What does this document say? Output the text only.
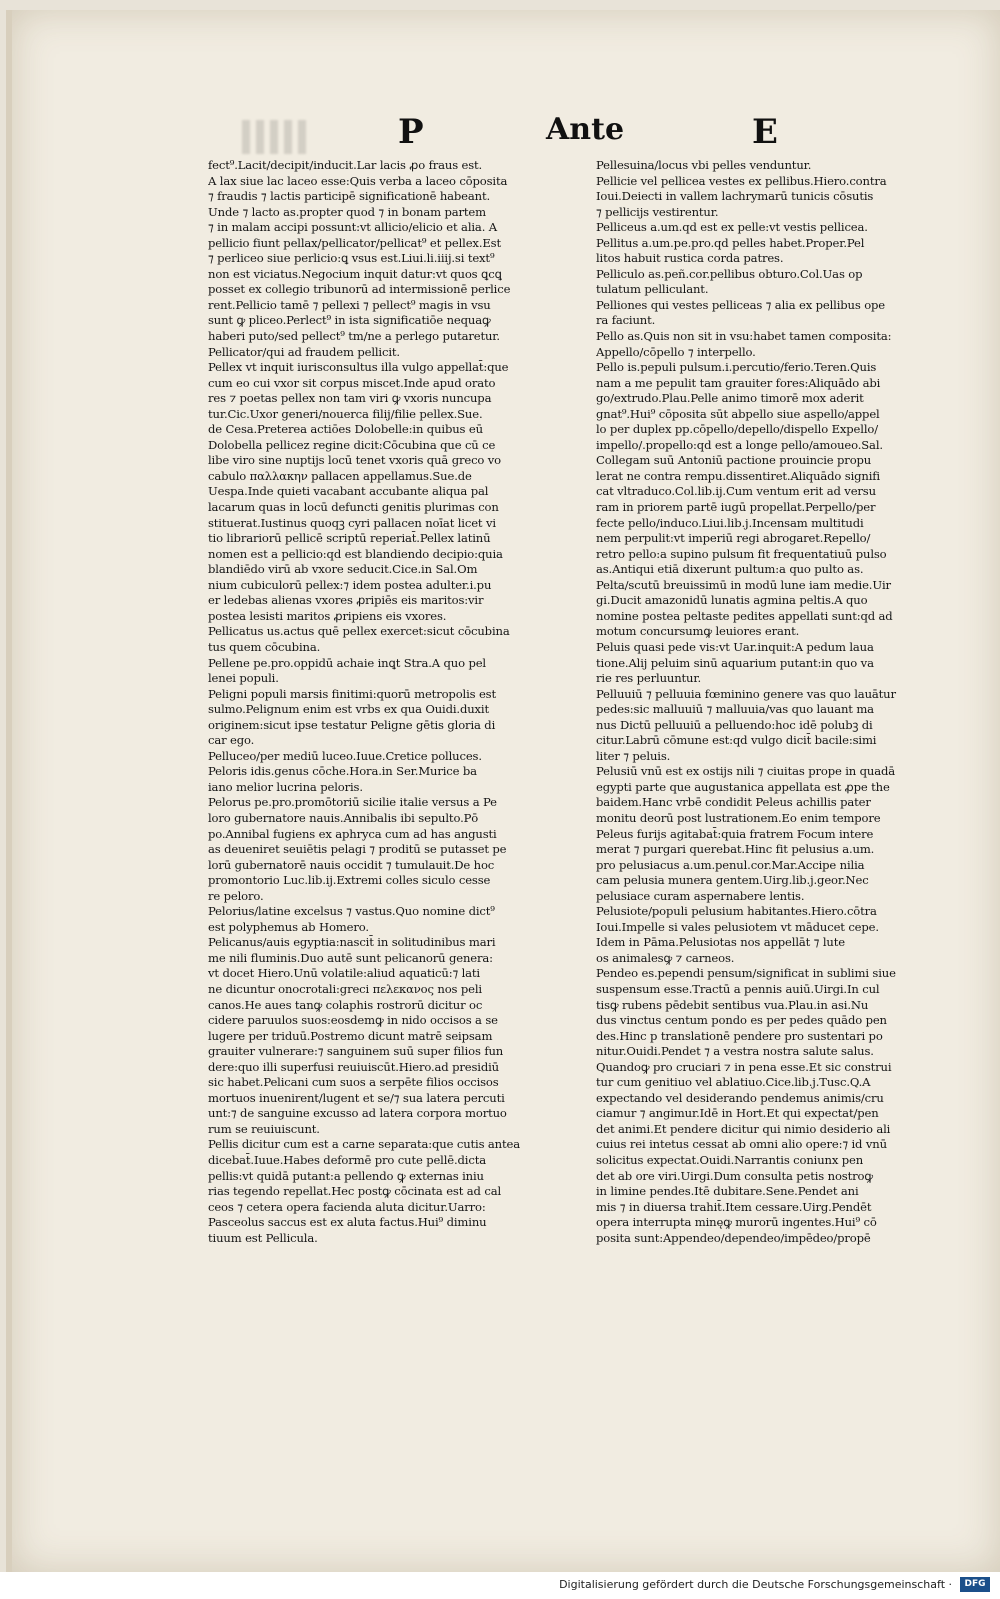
P	Ante	E
fect⁹.Lacit/decipit/inducit.Lar lacis ꝓo fraus est.
A lax siue lac laceo esse:Quis verba a laceo cōposita
⁊ fraudis ⁊ lactis participē significationē habeant.
Unde ⁊ lacto as.propter quod ⁊ in bonam partem
⁊ in malam accipi possunt:vt allicio/elicio et alia. A
pellicio fiunt pellax/pellicator/pellicat⁹ et pellex.Est
⁊ perliceo siue perlicio:ꝗ vsus est.Liui.li.iiij.si text⁹
non est viciatus.Negocium inquit datur:vt quos ꝗcꝗ
posset ex collegio tribunorū ad intermissionē perlice
rent.Pellicio tamē ⁊ pellexi ⁊ pellect⁹ magis in vsu
sunt ꝙ pliceo.Perlect⁹ in ista significatiōe nequaꝙ
haberi puto/sed pellect⁹ tm/ne a perlego putaretur.
Pellicator/qui ad fraudem pellicit.
Pellex vt inquit iurisconsultus illa vulgo appellat̄:que
cum eo cui vxor sit corpus miscet.Inde apud orato
res ⁊ poetas pellex non tam viri ꝙ vxoris nuncupa
tur.Cic.Uxor generi/nouerca filij/filie pellex.Sue.
de Cesa.Preterea actiōes Dolobelle:in quibus eū
Dolobella pellicez regine dicit:Cōcubina que cū ce
libe viro sine nuptijs locū tenet vxoris quā greco vo
cabulo παλλακην pallacen appellamus.Sue.de
Uespa.Inde quieti vacabant accubante aliqua pal
lacarum quas in locū defuncti genitis plurimas con
stituerat.Iustinus quoqꝫ cyri pallacen noīat licet vi
tio librariorū pellicē scriptū reperiat̄.Pellex latinū
nomen est a pellicio:qd est blandiendo decipio:quia
blandiēdo virū ab vxore seducit.Cice.in Sal.Om
nium cubiculorū pellex:⁊ idem postea adulter.i.pu
er ledebas alienas vxores ꝓripiēs eis maritos:vir
postea lesisti maritos ꝓripiens eis vxores.
Pellicatus us.actus quē pellex exercet:sicut cōcubina
tus quem cōcubina.
Pellene pe.pro.oppidū achaie inꝗt Stra.A quo pel
lenei populi.
Peligni populi marsis finitimi:quorū metropolis est
sulmo.Pelignum enim est vrbs ex qua Ouidi.duxit
originem:sicut ipse testatur Peligne gētis gloria di
car ego.
Pelluceo/per mediū luceo.Iuue.Cretice polluces.
Peloris idis.genus cōche.Hora.in Ser.Murice ba
iano melior lucrina peloris.
Pelorus pe.pro.promōtoriū sicilie italie versus a Pe
loro gubernatore nauis.Annibalis ibi sepulto.Pō
po.Annibal fugiens ex aphryca cum ad has angusti
as deueniret seuiētis pelagi ⁊ proditū se putasset pe
lorū gubernatorē nauis occidit ⁊ tumulauit.De hoc
promontorio Luc.lib.ij.Extremi colles siculo cesse
re peloro.
Pelorius/latine excelsus ⁊ vastus.Quo nomine dict⁹
est polyphemus ab Homero.
Pelicanus/auis egyptia:nascit̄ in solitudinibus mari
me nili fluminis.Duo autē sunt pelicanorū genera:
vt docet Hiero.Unū volatile:aliud aquaticū:⁊ lati
ne dicuntur onocrotali:greci πελεκανος nos peli
canos.He aues tanꝙ colaphis rostrorū dicitur oc
cidere paruulos suos:eosdemꝙ in nido occisos a se
lugere per triduū.Postremo dicunt matrē seipsam
grauiter vulnerare:⁊ sanguinem suū super filios fun
dere:quo illi superfusi reuiuiscūt.Hiero.ad presidiū
sic habet.Pelicani cum suos a serpēte filios occisos
mortuos inuenirent/lugent et se/⁊ sua latera percuti
unt:⁊ de sanguine excusso ad latera corpora mortuo
rum se reuiuiscunt.
Pellis dicitur cum est a carne separata:que cutis antea
dicebat̄.Iuue.Habes deformē pro cute pellē.dicta
pellis:vt quidā putant:a pellendo ꝙ externas iniu
rias tegendo repellat.Hec postꝙ cōcinata est ad cal
ceos ⁊ cetera opera facienda aluta dicitur.Uarro:
Pasceolus saccus est ex aluta factus.Hui⁹ diminu
tiuum est Pellicula.
Pellesuina/locus vbi pelles venduntur.
Pellicie vel pellicea vestes ex pellibus.Hiero.contra
Ioui.Deiecti in vallem lachrymarū tunicis cōsutis
⁊ pellicijs vestirentur.
Pelliceus a.um.qd est ex pelle:vt vestis pellicea.
Pellitus a.um.pe.pro.qd pelles habet.Proper.Pel
litos habuit rustica corda patres.
Pelliculo as.peñ.cor.pellibus obturo.Col.Uas op
tulatum pelliculant.
Pelliones qui vestes pelliceas ⁊ alia ex pellibus ope
ra faciunt.
Pello as.Quis non sit in vsu:habet tamen composita:
Appello/cōpello ⁊ interpello.
Pello is.pepuli pulsum.i.percutio/ferio.Teren.Quis
nam a me pepulit tam grauiter fores:Aliquādo abi
go/extrudo.Plau.Pelle animo timorē mox aderit
gnat⁹.Hui⁹ cōposita sūt abpello siue aspello/appel
lo per duplex pp.cōpello/depello/dispello Expello/
impello/.propello:qd est a longe pello/amoueo.Sal.
Collegam suū Antoniū pactione prouincie propu
lerat ne contra rempu.dissentiret.Aliquādo signifi
cat vltraduco.Col.lib.ij.Cum ventum erit ad versu
ram in priorem partē iugū propellat.Perpello/per
fecte pello/induco.Liui.lib.j.Incensam multitudi
nem perpulit:vt imperiū regi abrogaret.Repello/
retro pello:a supino pulsum fit frequentatiuū pulso
as.Antiqui etiā dixerunt pultum:a quo pulto as.
Pelta/scutū breuissimū in modū lune iam medie.Uir
gi.Ducit amazonidū lunatis agmina peltis.A quo
nomine postea peltaste pedites appellati sunt:qd ad
motum concursumꝙ leuiores erant.
Peluis quasi pede vis:vt Uar.inquit:A pedum laua
tione.Alij peluim sinū aquarium putant:in quo va
rie res perluuntur.
Pelluuiū ⁊ pelluuia fœminino genere vas quo lauātur
pedes:sic malluuiū ⁊ malluuia/vas quo lauant ma
nus Dictū pelluuiū a pelluendo:hoc idē polubꝫ di
citur.Labrū cōmune est:qd vulgo dicit̄ bacile:simi
liter ⁊ peluis.
Pelusiū vnū est ex ostijs nili ⁊ ciuitas prope in quadā
egypti parte que augustanica appellata est ꝓpe the
baidem.Hanc vrbē condidit Peleus achillis pater
monitu deorū post lustrationem.Eo enim tempore
Peleus furijs agitabat̄:quia fratrem Focum intere
merat ⁊ purgari querebat.Hinc fit pelusius a.um.
pro pelusiacus a.um.penul.cor.Mar.Accipe nilia
cam pelusia munera gentem.Uirg.lib.j.geor.Nec
pelusiace curam aspernabere lentis.
Pelusiote/populi pelusium habitantes.Hiero.cōtra
Ioui.Impelle si vales pelusiotem vt māducet cepe.
Idem in Pāma.Pelusiotas nos appellāt ⁊ lute
os animalesꝙ ⁊ carneos.
Pendeo es.pependi pensum/significat in sublimi siue
suspensum esse.Tractū a pennis auiū.Uirgi.In cul
tisꝙ rubens pēdebit sentibus vua.Plau.in asi.Nu
dus vinctus centum pondo es per pedes quādo pen
des.Hinc p translationē pendere pro sustentari po
nitur.Ouidi.Pendet ⁊ a vestra nostra salute salus.
Quandoꝙ pro cruciari ⁊ in pena esse.Et sic construi
tur cum genitiuo vel ablatiuo.Cice.lib.j.Tusc.Q.A
expectando vel desiderando pendemus animis/cru
ciamur ⁊ angimur.Idē in Hort.Et qui expectat/pen
det animi.Et pendere dicitur qui nimio desiderio ali
cuius rei intetus cessat ab omni alio opere:⁊ id vnū
solicitus expectat.Ouidi.Narrantis coniunx pen
det ab ore viri.Uirgi.Dum consulta petis nostroꝙ
in limine pendes.Itē dubitare.Sene.Pendet ani
mis ⁊ in diuersa trahit̄.Item cessare.Uirg.Pendēt
opera interrupta minęꝙ murorū ingentes.Hui⁹ cō
posita sunt:Appendeo/dependeo/impēdeo/propē
Digitalisierung gefördert durch die Deutsche Forschungsgemeinschaft ·	DFG
